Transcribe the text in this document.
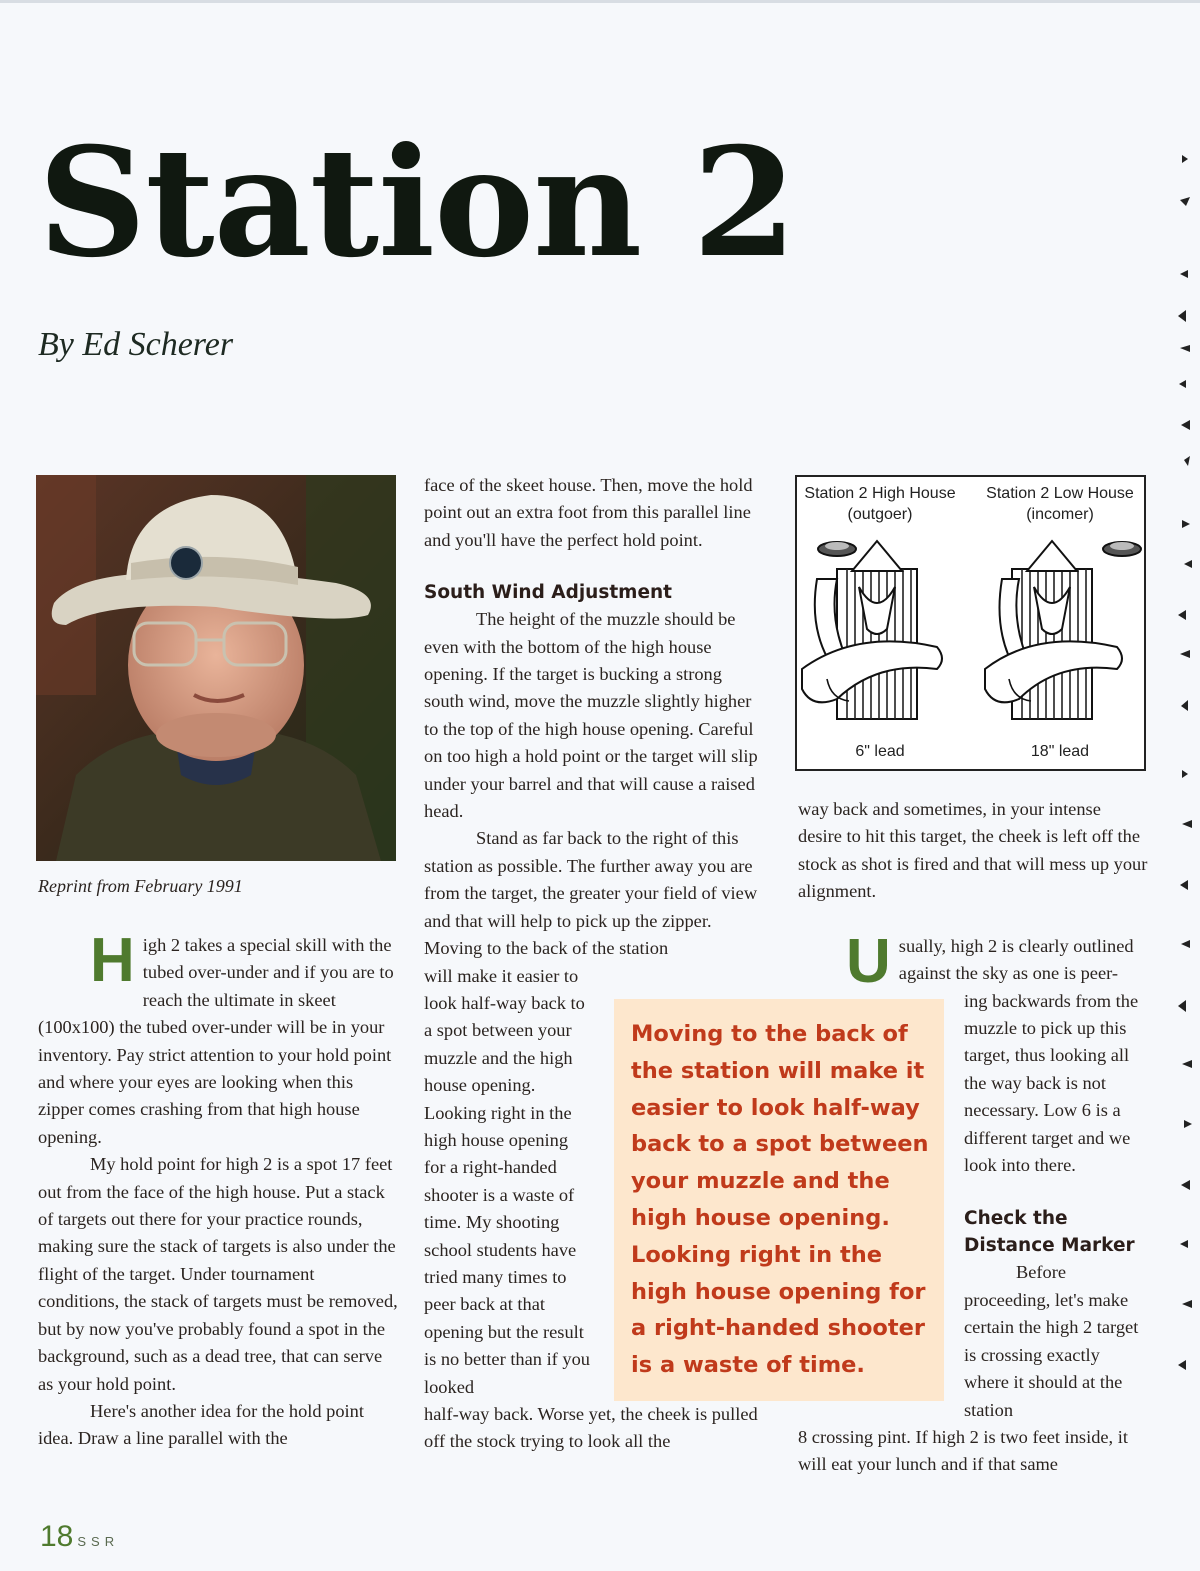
Station 2

By Ed Scherer

Reprint from February 1991

High 2 takes a special skill with the tubed over-under and if you are to reach the ultimate in skeet (100x100) the tubed over-under will be in your inventory. Pay strict attention to your hold point and where your eyes are looking when this zipper comes crashing from that high house opening.

My hold point for high 2 is a spot 17 feet out from the face of the high house. Put a stack of targets out there for your practice rounds, making sure the stack of targets is also under the flight of the target. Under tournament conditions, the stack of targets must be removed, but by now you've probably found a spot in the background, such as a dead tree, that can serve as your hold point.

Here's another idea for the hold point idea. Draw a line parallel with the

face of the skeet house. Then, move the hold point out an extra foot from this parallel line and you'll have the perfect hold point.

South Wind Adjustment

The height of the muzzle should be even with the bottom of the high house opening. If the target is bucking a strong south wind, move the muzzle slightly higher to the top of the high house opening. Careful on too high a hold point or the target will slip under your barrel and that will cause a raised head.

Stand as far back to the right of this station as possible. The further away you are from the target, the greater your field of view and that will help to pick up the zipper. Moving to the back of the station

will make it easier to look half-way back to a spot between your muzzle and the high house opening. Looking right in the high house opening for a right-handed shooter is a waste of time. My shooting school students have tried many times to peer back at that opening but the result is no better than if you looked

half-way back. Worse yet, the cheek is pulled off the stock trying to look all the

Moving to the back of the station will make it easier to look half-way back to a spot between your muzzle and the high house opening. Looking right in the high house opening for a right-handed shooter is a waste of time.

Station 2 High House
(outgoer)
Station 2 Low House
(incomer)
6" lead	18" lead

way back and sometimes, in your intense desire to hit this target, the cheek is left off the stock as shot is fired and that will mess up your alignment.

Usually, high 2 is clearly outlined against the sky as one is peer-

ing backwards from the muzzle to pick up this target, thus looking all the way back is not necessary. Low 6 is a different target and we look into there.

Check the Distance Marker

Before proceeding, let's make certain the high 2 target is crossing exactly where it should at the station

8 crossing pint. If high 2 is two feet inside, it will eat your lunch and if that same

18 SSR
